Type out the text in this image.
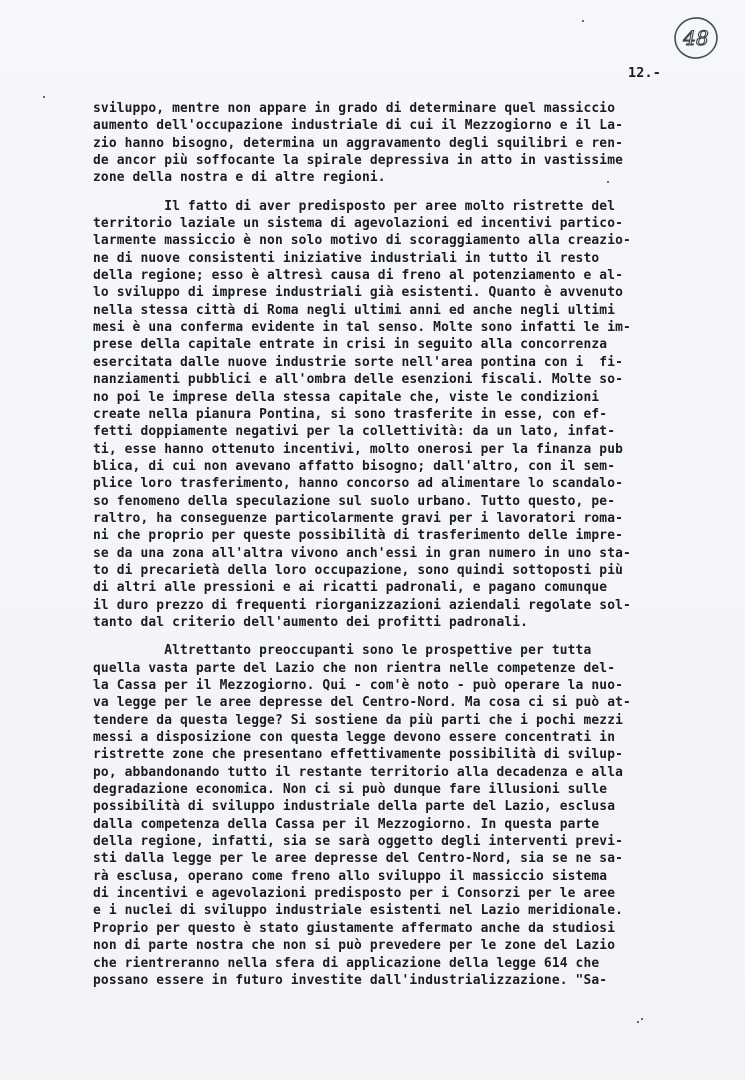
48
12.-
sviluppo, mentre non appare in grado di determinare quel massiccio
aumento dell'occupazione industriale di cui il Mezzogiorno e il La-
zio hanno bisogno, determina un aggravamento degli squilibri e ren-
de ancor più soffocante la spirale depressiva in atto in vastissime
zone della nostra e di altre regioni.
Il fatto di aver predisposto per aree molto ristrette del
territorio laziale un sistema di agevolazioni ed incentivi partico-
larmente massiccio è non solo motivo di scoraggiamento alla creazio-
ne di nuove consistenti iniziative industriali in tutto il resto
della regione; esso è altresì causa di freno al potenziamento e al-
lo sviluppo di imprese industriali già esistenti. Quanto è avvenuto
nella stessa città di Roma negli ultimi anni ed anche negli ultimi
mesi è una conferma evidente in tal senso. Molte sono infatti le im-
prese della capitale entrate in crisi in seguito alla concorrenza
esercitata dalle nuove industrie sorte nell'area pontina con i  fi-
nanziamenti pubblici e all'ombra delle esenzioni fiscali. Molte so-
no poi le imprese della stessa capitale che, viste le condizioni
create nella pianura Pontina, si sono trasferite in esse, con ef-
fetti doppiamente negativi per la collettività: da un lato, infat-
ti, esse hanno ottenuto incentivi, molto onerosi per la finanza pub
blica, di cui non avevano affatto bisogno; dall'altro, con il sem-
plice loro trasferimento, hanno concorso ad alimentare lo scandalo-
so fenomeno della speculazione sul suolo urbano. Tutto questo, pe-
raltro, ha conseguenze particolarmente gravi per i lavoratori roma-
ni che proprio per queste possibilità di trasferimento delle impre-
se da una zona all'altra vivono anch'essi in gran numero in uno sta-
to di precarietà della loro occupazione, sono quindi sottoposti più
di altri alle pressioni e ai ricatti padronali, e pagano comunque
il duro prezzo di frequenti riorganizzazioni aziendali regolate sol-
tanto dal criterio dell'aumento dei profitti padronali.
Altrettanto preoccupanti sono le prospettive per tutta
quella vasta parte del Lazio che non rientra nelle competenze del-
la Cassa per il Mezzogiorno. Qui - com'è noto - può operare la nuo-
va legge per le aree depresse del Centro-Nord. Ma cosa ci si può at-
tendere da questa legge? Si sostiene da più parti che i pochi mezzi
messi a disposizione con questa legge devono essere concentrati in
ristrette zone che presentano effettivamente possibilità di svilup-
po, abbandonando tutto il restante territorio alla decadenza e alla
degradazione economica. Non ci si può dunque fare illusioni sulle
possibilità di sviluppo industriale della parte del Lazio, esclusa
dalla competenza della Cassa per il Mezzogiorno. In questa parte
della regione, infatti, sia se sarà oggetto degli interventi previ-
sti dalla legge per le aree depresse del Centro-Nord, sia se ne sa-
rà esclusa, operano come freno allo sviluppo il massiccio sistema
di incentivi e agevolazioni predisposto per i Consorzi per le aree
e i nuclei di sviluppo industriale esistenti nel Lazio meridionale.
Proprio per questo è stato giustamente affermato anche da studiosi
non di parte nostra che non si può prevedere per le zone del Lazio
che rientreranno nella sfera di applicazione della legge 614 che
possano essere in futuro investite dall'industrializzazione. "Sa-
